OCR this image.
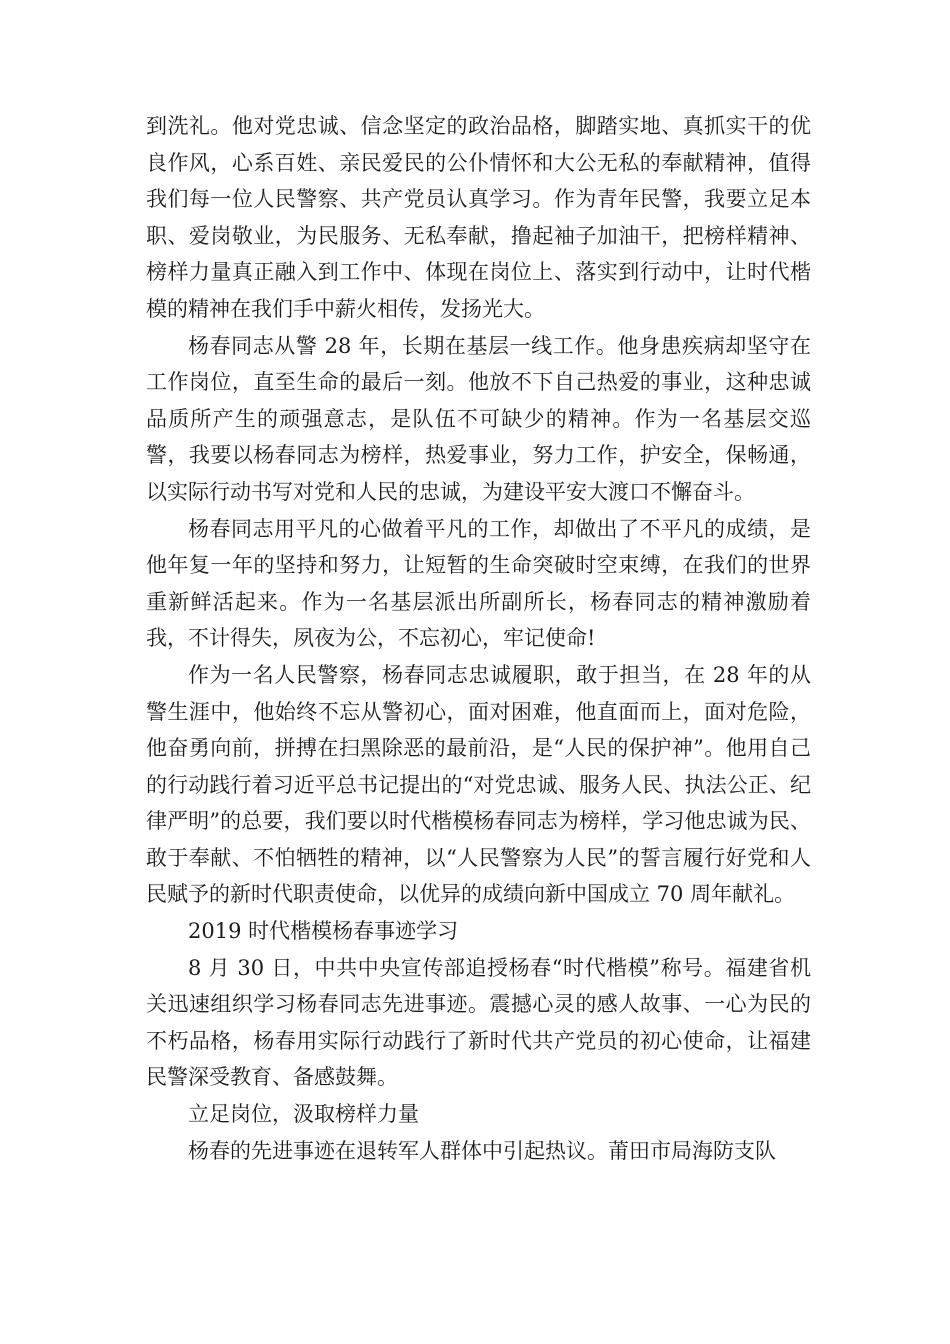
到洗礼。他对党忠诚、信念坚定的政治品格，脚踏实地、真抓实干的优良作风，心系百姓、亲民爱民的公仆情怀和大公无私的奉献精神，值得我们每一位人民警察、共产党员认真学习。作为青年民警，我要立足本职、爱岗敬业，为民服务、无私奉献，撸起袖子加油干，把榜样精神、榜样力量真正融入到工作中、体现在岗位上、落实到行动中，让时代楷模的精神在我们手中薪火相传，发扬光大。

杨春同志从警 28 年，长期在基层一线工作。他身患疾病却坚守在工作岗位，直至生命的最后一刻。他放不下自己热爱的事业，这种忠诚品质所产生的顽强意志，是队伍不可缺少的精神。作为一名基层交巡警，我要以杨春同志为榜样，热爱事业，努力工作，护安全，保畅通，以实际行动书写对党和人民的忠诚，为建设平安大渡口不懈奋斗。

杨春同志用平凡的心做着平凡的工作，却做出了不平凡的成绩，是他年复一年的坚持和努力，让短暂的生命突破时空束缚，在我们的世界重新鲜活起来。作为一名基层派出所副所长，杨春同志的精神激励着我，不计得失，夙夜为公，不忘初心，牢记使命!

作为一名人民警察，杨春同志忠诚履职，敢于担当，在 28 年的从警生涯中，他始终不忘从警初心，面对困难，他直面而上，面对危险，他奋勇向前，拼搏在扫黑除恶的最前沿，是“人民的保护神”。他用自己的行动践行着习近平总书记提出的“对党忠诚、服务人民、执法公正、纪律严明”的总要，我们要以时代楷模杨春同志为榜样，学习他忠诚为民、敢于奉献、不怕牺牲的精神，以“人民警察为人民”的誓言履行好党和人民赋予的新时代职责使命，以优异的成绩向新中国成立 70 周年献礼。

2019 时代楷模杨春事迹学习

8 月 30 日，中共中央宣传部追授杨春“时代楷模”称号。福建省机关迅速组织学习杨春同志先进事迹。震撼心灵的感人故事、一心为民的不朽品格，杨春用实际行动践行了新时代共产党员的初心使命，让福建民警深受教育、备感鼓舞。

立足岗位，汲取榜样力量

杨春的先进事迹在退转军人群体中引起热议。莆田市局海防支队
